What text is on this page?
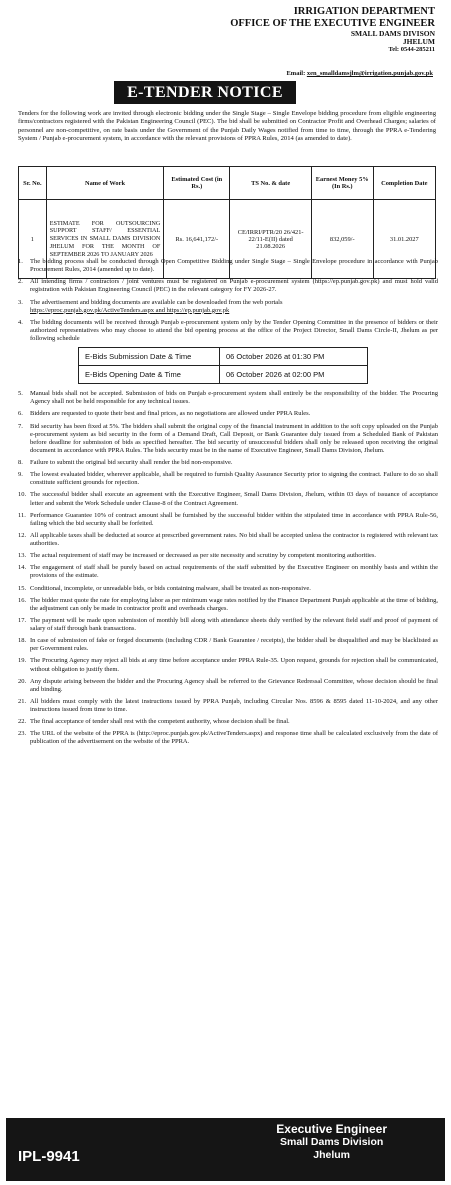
IRRIGATION DEPARTMENT
OFFICE OF THE EXECUTIVE ENGINEER
SMALL DAMS DIVISON
JHELUM
Tel: 0544-285211
Email: xen_smalldamsjlm@irrigation.punjab.gov.pk
E-TENDER NOTICE
Tenders for the following work are invited through electronic bidding under the Single Stage – Single Envelope bidding procedure from eligible engineering firms/contractors registered with the Pakistan Engineering Council (PEC). The bid shall be submitted on Contractor Profit and Overhead Charges; salaries of personnel are non-competitive, on rate basis under the Government of the Punjab Daily Wages notified from time to time, through the PPRA e-Tendering System / Punjab e-procurement system, in accordance with the relevant provisions of PPRA Rules, 2014 (as amended to date).
Sr. No.	Name of Work	Estimated Cost (in Rs.)	TS No. & date	Earnest Money 5% (In Rs.)	Completion Date
1	ESTIMATE FOR OUTSOURCING SUPPORT STAFF/ ESSENTIAL SERVICES IN SMALL DAMS DIVISION JHELUM FOR THE MONTH OF SEPTEMBER 2026 TO JANUARY 2026	Rs. 16,641,172/-	CE/IRRI/PTR/20 26/421-22/11-E(II) dated 21.08.2026	832,059/-	31.01.2027
1.	The bidding process shall be conducted through Open Competitive Bidding under Single Stage – Single Envelope procedure in accordance with Punjab Procurement Rules, 2014 (amended up to date).
2.	All intending firms / contractors / joint ventures must be registered on Punjab e-procurement system (https://ep.punjab.gov.pk) and must hold valid registration with Pakistan Engineering Council (PEC) in the relevant category for FY 2026-27.
3.	The advertisement and bidding documents are available can be downloaded from the web portals
https://eproc.punjab.gov.pk/ActiveTenders.aspx and https://ep.punjab.gov.pk
4.	The bidding documents will be received through Punjab e-procurement system only by the Tender Opening Committee in the presence of bidders or their authorized representatives who may choose to attend the bid opening process at the office of the Project Director, Small Dams Circle-II, Jhelum as per following schedule
E-Bids Submission Date & Time	06 October 2026 at 01:30 PM
E-Bids Opening Date & Time	06 October 2026 at 02:00 PM
5.	Manual bids shall not be accepted. Submission of bids on Punjab e-procurement system shall entirely be the responsibility of the bidder. The Procuring Agency shall not be held responsible for any technical issues.
6.	Bidders are requested to quote their best and final prices, as no negotiations are allowed under PPRA Rules.
7.	Bid security has been fixed at 5%. The bidders shall submit the original copy of the financial instrument in addition to the soft copy uploaded on the Punjab e-procurement system as bid security in the form of a Demand Draft, Call Deposit, or Bank Guarantee duly issued from a Scheduled Bank of Pakistan before deadline for submission of bids as specified hereafter. The bid security of unsuccessful bidders shall only be released upon receiving the original document in accordance with PPRA Rules. The bids security must be in the name of Executive Engineer, Small Dams Division, Jhelum.
8.	Failure to submit the original bid security shall render the bid non-responsive.
9.	The lowest evaluated bidder, wherever applicable, shall be required to furnish Quality Assurance Security prior to signing the contract. Failure to do so shall constitute sufficient grounds for rejection.
10. The successful bidder shall execute an agreement with the Executive Engineer, Small Dams Division, Jhelum, within 03 days of issuance of acceptance letter and submit the Work Schedule under Clause-8 of the Contract Agreement.
11. Performance Guarantee 10% of contract amount shall be furnished by the successful bidder within the stipulated time in accordance with PPRA Rule-56, failing which the bid security shall be forfeited.
12. All applicable taxes shall be deducted at source at prescribed government rates. No bid shall be accepted unless the contractor is registered with relevant tax authorities.
13. The actual requirement of staff may be increased or decreased as per site necessity and scrutiny by competent monitoring authorities.
14. The engagement of staff shall be purely based on actual requirements of the staff submitted by the Executive Engineer on monthly basis and within the provisions of the estimate.
15. Conditional, incomplete, or unreadable bids, or bids containing malware, shall be treated as non-responsive.
16. The bidder must quote the rate for employing labor as per minimum wage rates notified by the Finance Department Punjab applicable at the time of bidding, the adjustment can only be made in contractor profit and overheads charges.
17. The payment will be made upon submission of monthly bill along with attendance sheets duly verified by the relevant field staff and proof of payment of salary of staff through bank transactions.
18. In case of submission of fake or forged documents (including CDR / Bank Guarantee / receipts), the bidder shall be disqualified and may be blacklisted as per Government rules.
19. The Procuring Agency may reject all bids at any time before acceptance under PPRA Rule-35. Upon request, grounds for rejection shall be communicated, without obligation to justify them.
20. Any dispute arising between the bidder and the Procuring Agency shall be referred to the Grievance Redressal Committee, whose decision should be final and binding.
21. All bidders must comply with the latest instructions issued by PPRA Punjab, including Circular Nos. 8596 & 8595 dated 11-10-2024, and any other instructions issued from time to time.
22. The final acceptance of tender shall rest with the competent authority, whose decision shall be final.
23. The URL of the website of the PPRA is (http://eproc.punjab.gov.pk/ActiveTenders.aspx) and response time shall be calculated exclusively from the date of publication of the advertisement on the website of the PPRA.
IPL-9941
Executive Engineer
Small Dams Division
Jhelum
